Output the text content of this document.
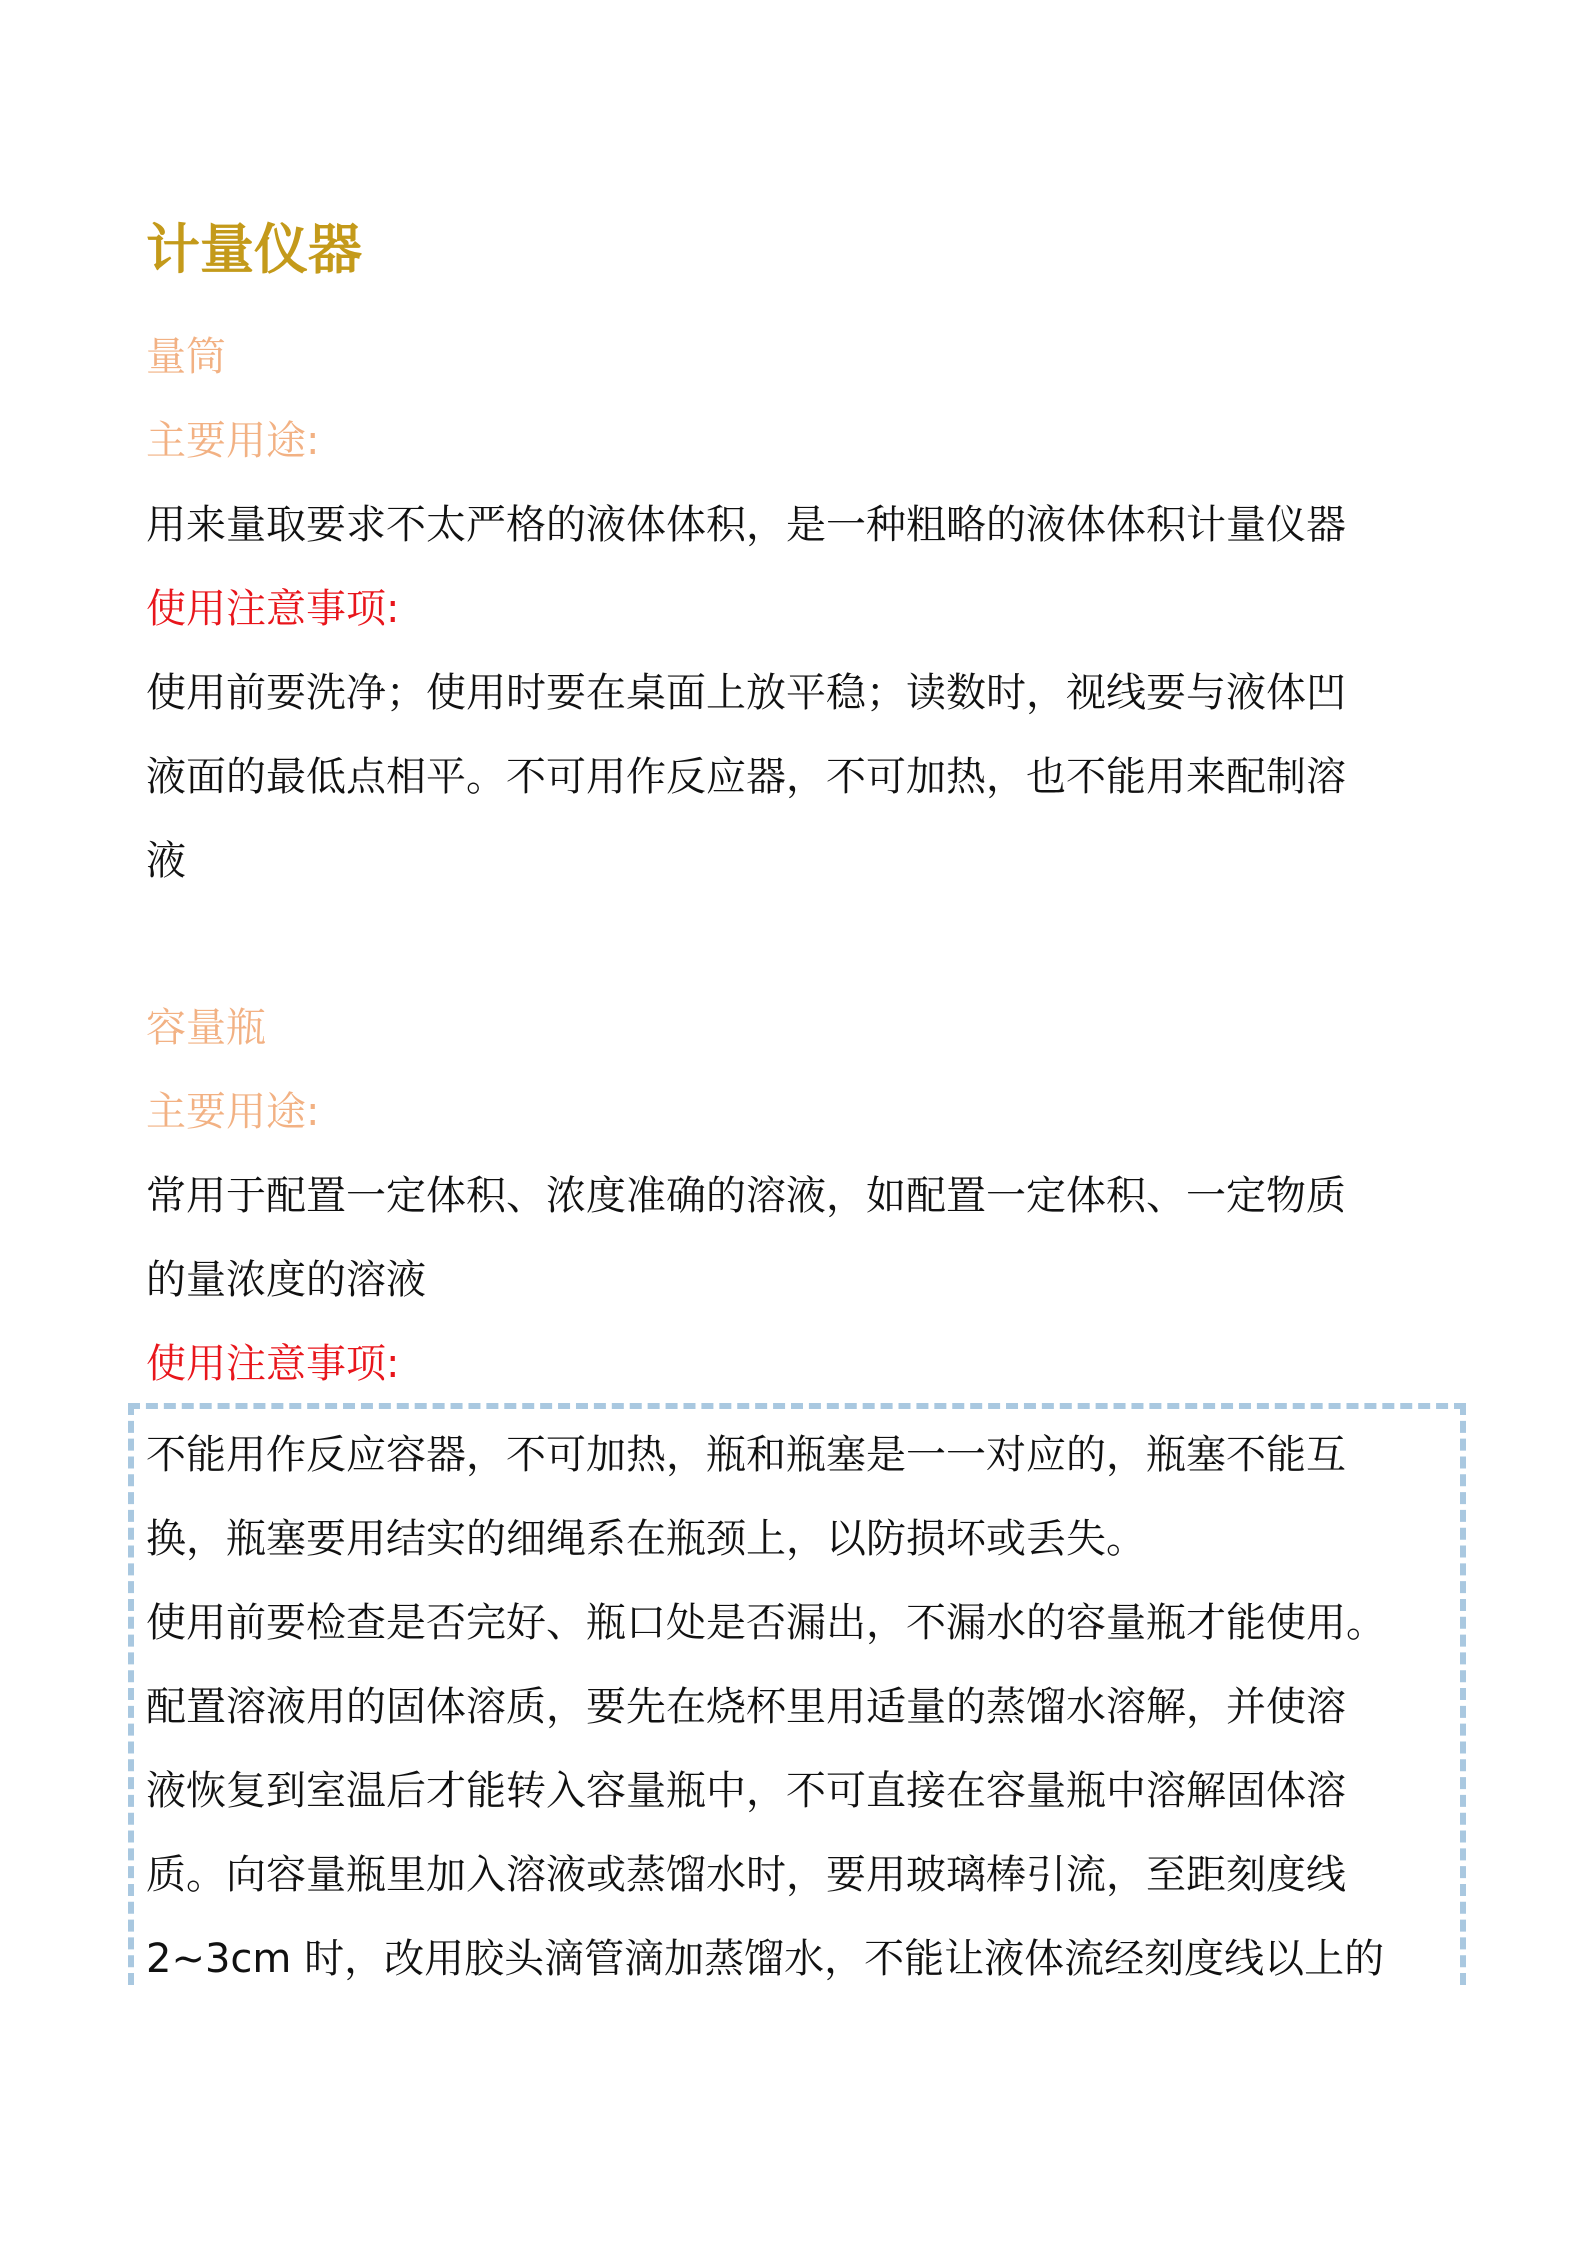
计量仪器
量筒
主要用途:
用来量取要求不太严格的液体体积，是一种粗略的液体体积计量仪器
使用注意事项:
使用前要洗净；使用时要在桌面上放平稳；读数时，视线要与液体凹
液面的最低点相平。不可用作反应器，不可加热，也不能用来配制溶
液
容量瓶
主要用途:
常用于配置一定体积、浓度准确的溶液，如配置一定体积、一定物质
的量浓度的溶液
使用注意事项:
不能用作反应容器，不可加热，瓶和瓶塞是一一对应的，瓶塞不能互
换，瓶塞要用结实的细绳系在瓶颈上，以防损坏或丢失。
使用前要检查是否完好、瓶口处是否漏出，不漏水的容量瓶才能使用。
配置溶液用的固体溶质，要先在烧杯里用适量的蒸馏水溶解，并使溶
液恢复到室温后才能转入容量瓶中，不可直接在容量瓶中溶解固体溶
质。向容量瓶里加入溶液或蒸馏水时，要用玻璃棒引流，至距刻度线
2~3cm 时，改用胶头滴管滴加蒸馏水，不能让液体流经刻度线以上的
